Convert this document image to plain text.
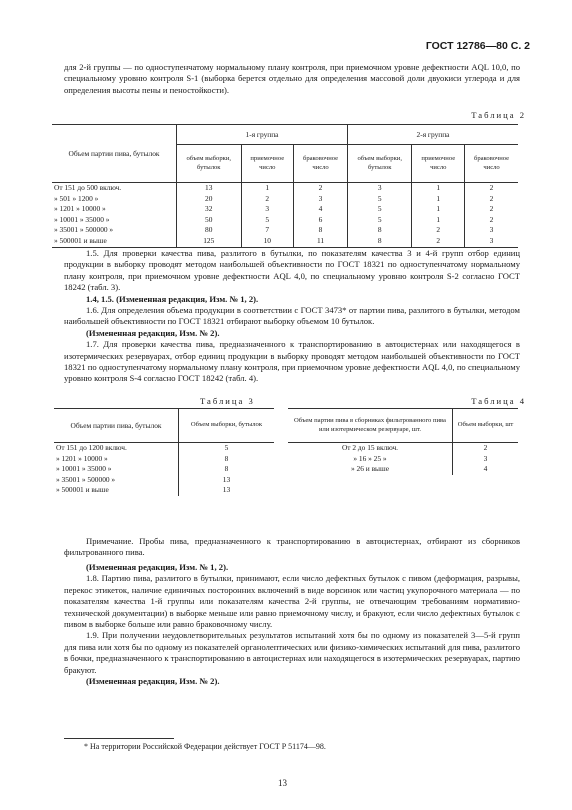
ГОСТ 12786—80 С. 2
для 2-й группы — по одноступенчатому нормальному плану контроля, при приемочном уровне дефектности AQL 10,0, по специальному уровню контроля S-1 (выборка берется отдельно для определения массовой доли двуокиси углерода и для определения высоты пены и пеностойкости).
Таблица 2
Объем партии пива, бутылок	1-я группа			2-я группа		
	объем выборки, бутылок	приемочное число	браковочное число	объем выборки, бутылок	приемочное число	браковочное число
От 151 до 500 включ.	13	1	2	3	1	2
» 501 » 1200 »	20	2	3	5	1	2
» 1201 » 10000 »	32	3	4	5	1	2
» 10001 » 35000 »	50	5	6	5	1	2
» 35001 » 500000 »	80	7	8	8	2	3
» 500001 и выше	125	10	11	8	2	3
1.5. Для проверки качества пива, разлитого в бутылки, по показателям качества 3 и 4-й групп отбор единиц продукции в выборку проводят методом наибольшей объективности по ГОСТ 18321 по одноступенчатому нормальному плану контроля, при приемочном уровне дефектности AQL 4,0, по специальному уровню контроля S-2 согласно ГОСТ 18242 (табл. 3).
1.4, 1.5. (Измененная редакция, Изм. № 1, 2).
1.6. Для определения объема продукции в соответствии с ГОСТ 3473* от партии пива, разлитого в бутылки, методом наибольшей объективности по ГОСТ 18321 отбирают выборку объемом 10 бутылок.
(Измененная редакция, Изм. № 2).
1.7. Для проверки качества пива, предназначенного к транспортированию в автоцистернах или находящегося в изотермических резервуарах, отбор единиц продукции в выборку проводят методом наибольшей объективности по ГОСТ 18321 по одноступенчатому нормальному плану контроля, при приемочном уровне дефектности AQL 4,0, по специальному уровню контроля S-4 согласно ГОСТ 18242 (табл. 4).
Таблица 3	Таблица 4
Объем партии пива, бутылок	Объем выборки, бутылок
От 151 до 1200 включ.	5
» 1201 » 10000 »	8
» 10001 » 35000 »	8
» 35001 » 500000 »	13
» 500001 и выше	13
Объем партии пива в сборниках фильтрованного пива или изотермическом резервуаре, шт.	Объем выборки, шт
От 2 до 15 включ.	2
» 16 » 25 »	3
» 26 и выше	4
Примечание. Пробы пива, предназначенного к транспортированию в автоцистернах, отбирают из сборников фильтрованного пива.
(Измененная редакция, Изм. № 1, 2).
1.8. Партию пива, разлитого в бутылки, принимают, если число дефектных бутылок с пивом (деформация, разрывы, перекос этикеток, наличие единичных посторонних включений в виде ворсинок или частиц укупорочного материала — по показателям качества 1-й группы или показателям качества 2-й группы, не отвечающим требованиям нормативно-технической документации) в выборке меньше или равно приемочному числу, и бракуют, если число дефектных бутылок с пивом в выборке больше или равно браковочному числу.
1.9. При получении неудовлетворительных результатов испытаний хотя бы по одному из показателей 3—5-й групп для пива или хотя бы по одному из показателей органолептических или физико-химических испытаний для пива, разлитого в бочки, предназначенного к транспортированию в автоцистернах или находящегося в изотермических резервуарах, партию бракуют.
(Измененная редакция, Изм. № 2).
* На территории Российской Федерации действует ГОСТ Р 51174—98.
13
